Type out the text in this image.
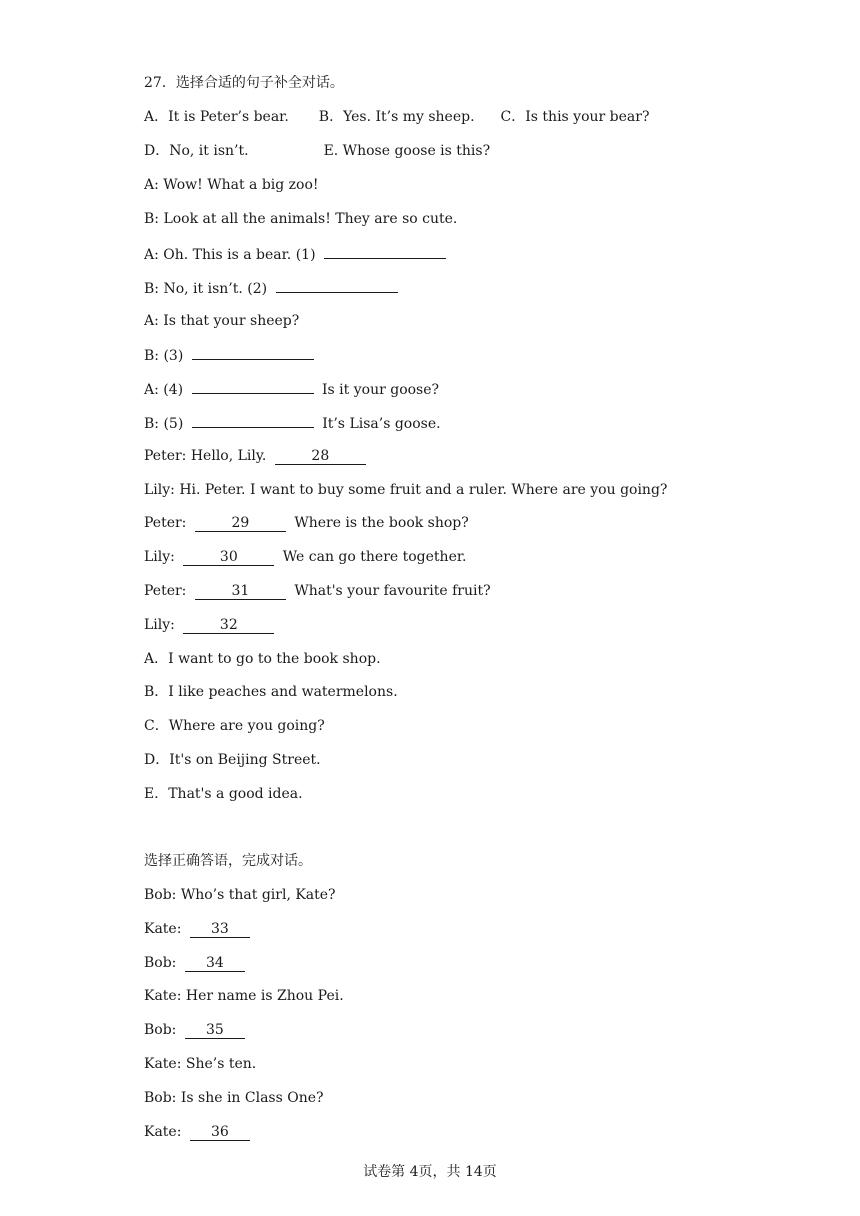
27．选择合适的句子补全对话。
A．It is Peter’s bear. B．Yes. It’s my sheep. C．Is this your bear?
D．No, it isn’t.	E. Whose goose is this?
A: Wow! What a big zoo!
B: Look at all the animals! They are so cute.
A: Oh. This is a bear. (1)
B: No, it isn’t. (2)
A: Is that your sheep?
B: (3)
A: (4)	Is it your goose?
B: (5)	It’s Lisa’s goose.
Peter: Hello, Lily.	28
Lily: Hi. Peter. I want to buy some fruit and a ruler. Where are you going?
Peter:	29	Where is the book shop?
Lily:	30	We can go there together.
Peter:	31	What's your favourite fruit?
Lily:	32
A．I want to go to the book shop.
B．I like peaches and watermelons.
C．Where are you going?
D．It's on Beijing Street.
E．That's a good idea.
选择正确答语，完成对话。
Bob: Who’s that girl, Kate?
Kate: 33
Bob: 34
Kate: Her name is Zhou Pei.
Bob: 35
Kate: She’s ten.
Bob: Is she in Class One?
Kate: 36
试卷第 4页，共 14页
